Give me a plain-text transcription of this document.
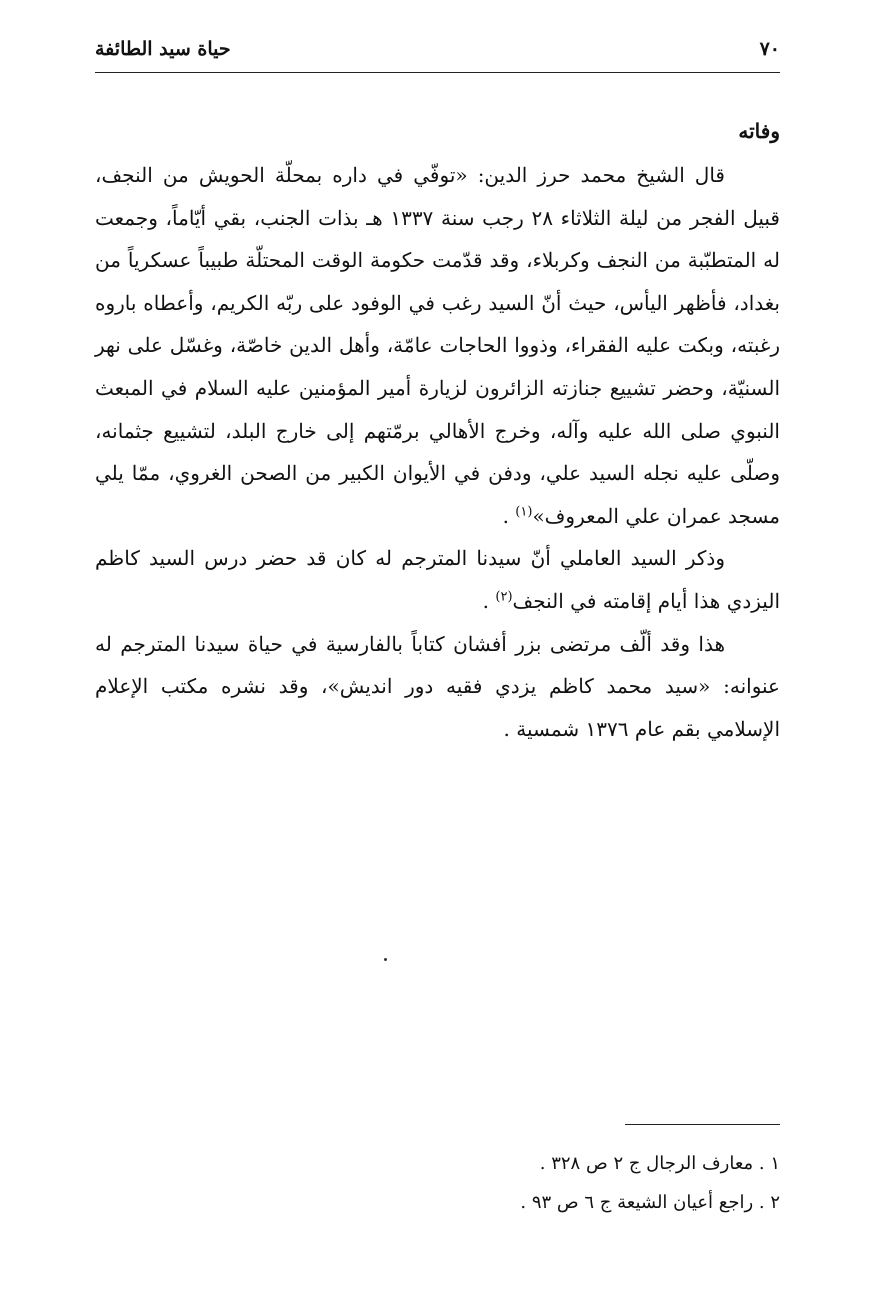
حياة سيد الطائفة	٧٠

وفاته

قال الشيخ محمد حرز الدين: «توفّي في داره بمحلّة الحويش من النجف، قبيل الفجر من ليلة الثلاثاء ٢٨ رجب سنة ١٣٣٧ هـ بذات الجنب، بقي أيّاماً، وجمعت له المتطبّبة من النجف وكربلاء، وقد قدّمت حكومة الوقت المحتلّة طبيباً عسكرياً من بغداد، فأظهر اليأس، حيث أنّ السيد رغب في الوفود على ربّه الكريم، وأعطاه باروه رغبته، وبكت عليه الفقراء، وذووا الحاجات عامّة، وأهل الدين خاصّة، وغسّل على نهر السنيّة، وحضر تشييع جنازته الزائرون لزيارة أمير المؤمنين عليه السلام في المبعث النبوي صلى الله عليه وآله، وخرج الأهالي برمّتهم إلى خارج البلد، لتشييع جثمانه، وصلّى عليه نجله السيد علي، ودفن في الأيوان الكبير من الصحن الغروي، ممّا يلي مسجد عمران علي المعروف»$^{(١)}$ .

وذكر السيد العاملي أنّ سيدنا المترجم له كان قد حضر درس السيد كاظم اليزدي هذا أيام إقامته في النجف$^{(٢)}$ .

هذا وقد ألّف مرتضى بزر أفشان كتاباً بالفارسية في حياة سيدنا المترجم له عنوانه: «سيد محمد كاظم يزدي فقيه دور انديش»، وقد نشره مكتب الإعلام الإسلامي بقم عام ١٣٧٦ شمسية .

١ . معارف الرجال ج ٢ ص ٣٢٨ .

٢ . راجع أعيان الشيعة ج ٦ ص ٩٣ .
